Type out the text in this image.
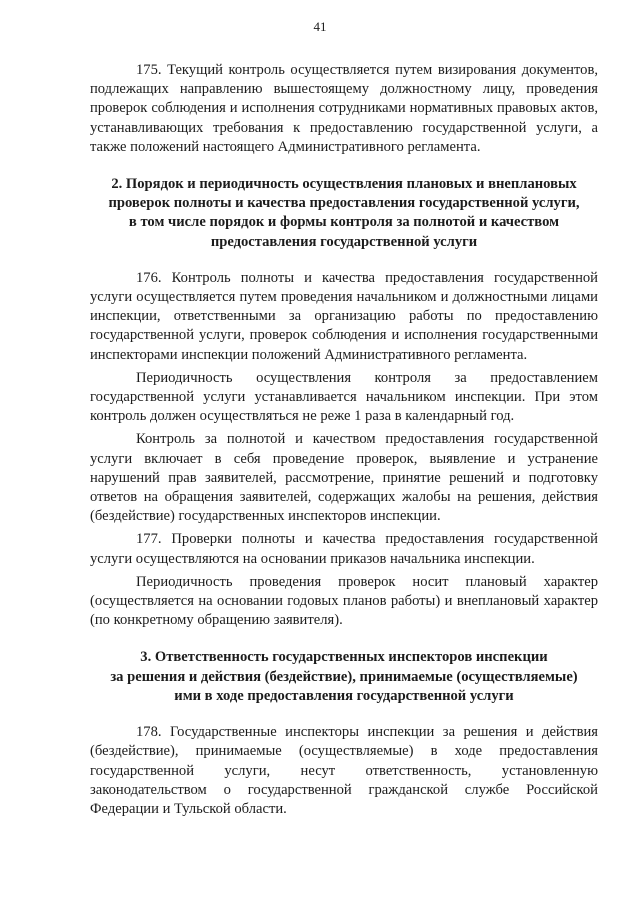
41

175. Текущий контроль осуществляется путем визирования документов, подлежащих направлению вышестоящему должностному лицу, проведения проверок соблюдения и исполнения сотрудниками нормативных правовых актов, устанавливающих требования к предоставлению государственной услуги, а также положений настоящего Административного регламента.

2. Порядок и периодичность осуществления плановых и внеплановых
проверок полноты и качества предоставления государственной услуги,
в том числе порядок и формы контроля за полнотой и качеством
предоставления государственной услуги

176. Контроль полноты и качества предоставления государственной услуги осуществляется путем проведения начальником и должностными лицами инспекции, ответственными за организацию работы по предоставлению государственной услуги, проверок соблюдения и исполнения государственными инспекторами инспекции положений Административного регламента.

Периодичность осуществления контроля за предоставлением государственной услуги устанавливается начальником инспекции. При этом контроль должен осуществляться не реже 1 раза в календарный год.

Контроль за полнотой и качеством предоставления государственной услуги включает в себя проведение проверок, выявление и устранение нарушений прав заявителей, рассмотрение, принятие решений и подготовку ответов на обращения заявителей, содержащих жалобы на решения, действия (бездействие) государственных инспекторов инспекции.

177. Проверки полноты и качества предоставления государственной услуги осуществляются на основании приказов начальника инспекции.

Периодичность проведения проверок носит плановый характер (осуществляется на основании годовых планов работы) и внеплановый характер (по конкретному обращению заявителя).

3. Ответственность государственных инспекторов инспекции
за решения и действия (бездействие), принимаемые (осуществляемые)
ими в ходе предоставления государственной услуги

178. Государственные инспекторы инспекции за решения и действия (бездействие), принимаемые (осуществляемые) в ходе предоставления государственной услуги, несут ответственность, установленную законодательством о государственной гражданской службе Российской Федерации и Тульской области.
